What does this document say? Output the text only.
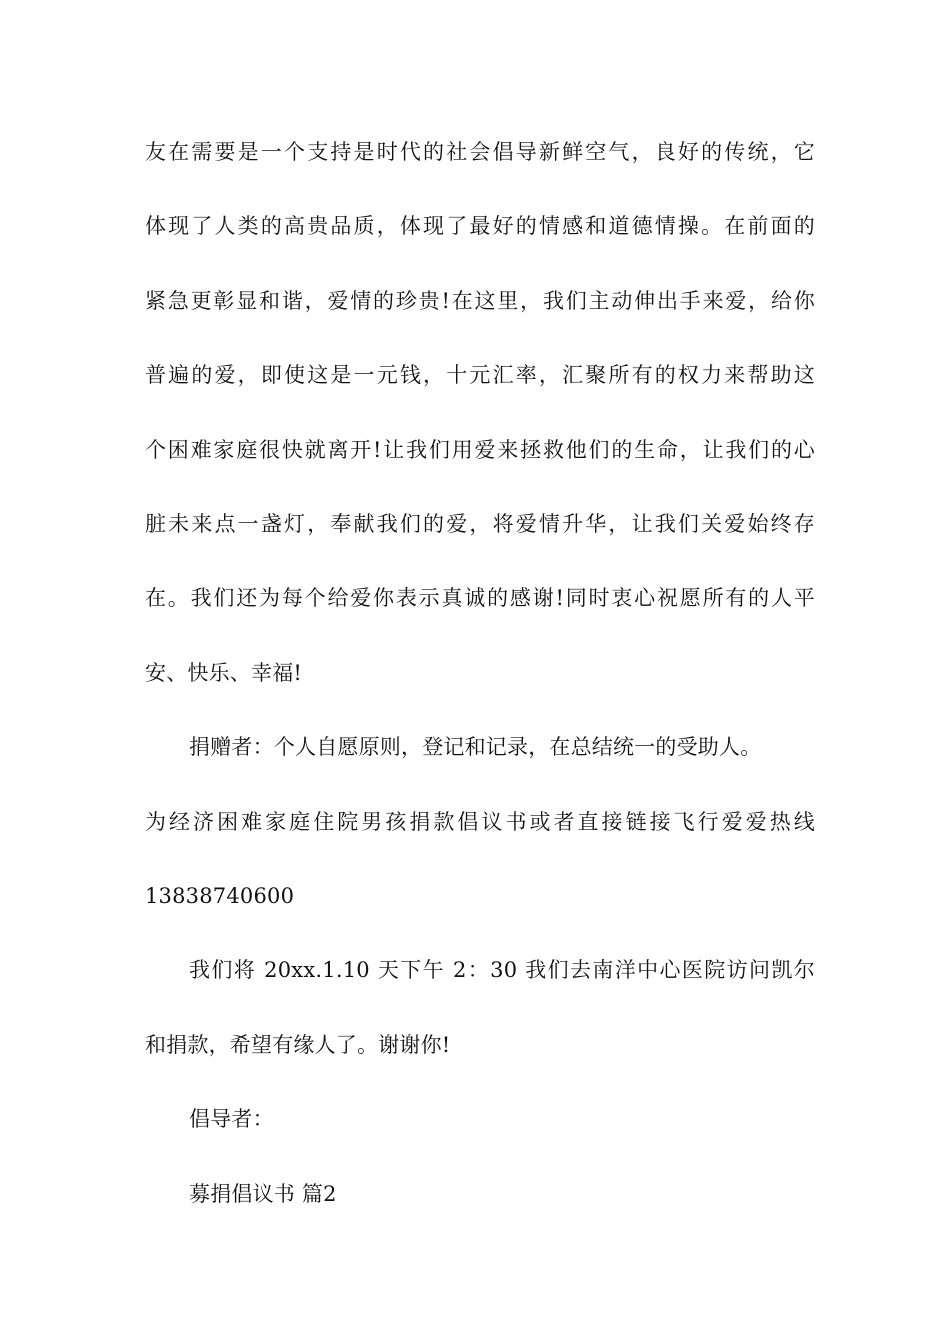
友在需要是一个支持是时代的社会倡导新鲜空气，良好的传统，它
体现了人类的高贵品质，体现了最好的情感和道德情操。在前面的
紧急更彰显和谐，爱情的珍贵!在这里，我们主动伸出手来爱，给你
普遍的爱，即使这是一元钱，十元汇率，汇聚所有的权力来帮助这
个困难家庭很快就离开!让我们用爱来拯救他们的生命，让我们的心
脏未来点一盏灯，奉献我们的爱，将爱情升华，让我们关爱始终存
在。我们还为每个给爱你表示真诚的感谢!同时衷心祝愿所有的人平
安、快乐、幸福!
捐赠者：个人自愿原则，登记和记录，在总结统一的受助人。
为经济困难家庭住院男孩捐款倡议书或者直接链接飞行爱爱热线
13838740600
我们将 20xx.1.10 天下午 2：30 我们去南洋中心医院访问凯尔
和捐款，希望有缘人了。谢谢你!
倡导者：
募捐倡议书 篇2
